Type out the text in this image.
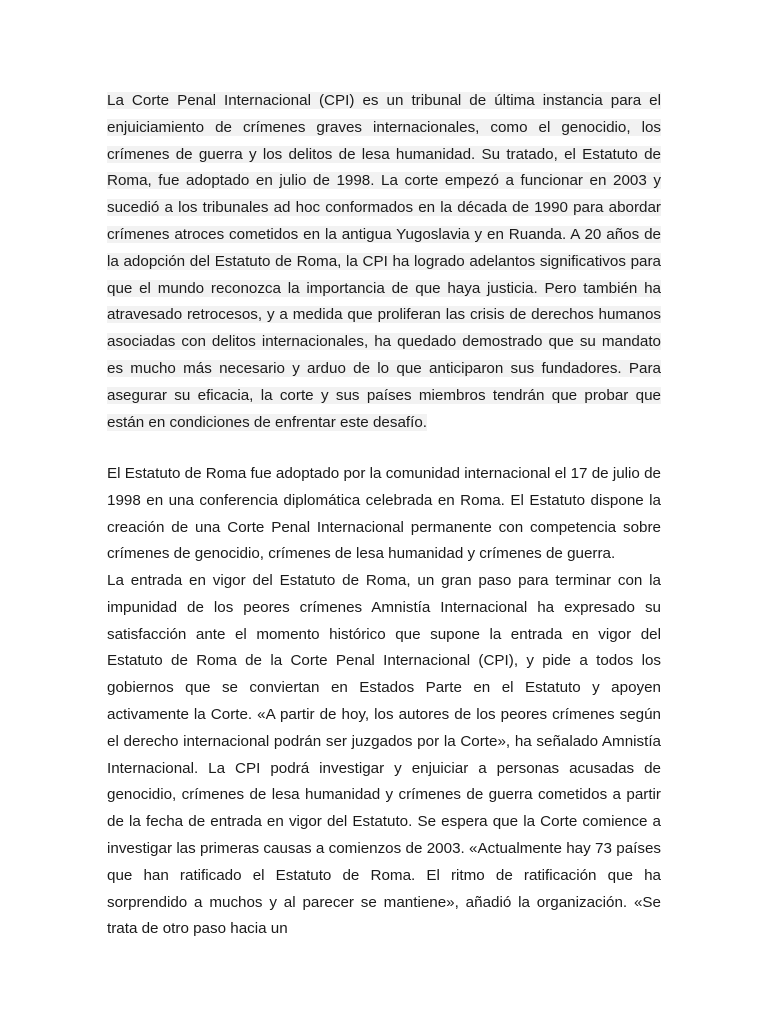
La Corte Penal Internacional (CPI) es un tribunal de última instancia para el enjuiciamiento de crímenes graves internacionales, como el genocidio, los crímenes de guerra y los delitos de lesa humanidad. Su tratado, el Estatuto de Roma, fue adoptado en julio de 1998. La corte empezó a funcionar en 2003 y sucedió a los tribunales ad hoc conformados en la década de 1990 para abordar crímenes atroces cometidos en la antigua Yugoslavia y en Ruanda. A 20 años de la adopción del Estatuto de Roma, la CPI ha logrado adelantos significativos para que el mundo reconozca la importancia de que haya justicia. Pero también ha atravesado retrocesos, y a medida que proliferan las crisis de derechos humanos asociadas con delitos internacionales, ha quedado demostrado que su mandato es mucho más necesario y arduo de lo que anticiparon sus fundadores. Para asegurar su eficacia, la corte y sus países miembros tendrán que probar que están en condiciones de enfrentar este desafío.

El Estatuto de Roma fue adoptado por la comunidad internacional el 17 de julio de 1998 en una conferencia diplomática celebrada en Roma. El Estatuto dispone la creación de una Corte Penal Internacional permanente con competencia sobre crímenes de genocidio, crímenes de lesa humanidad y crímenes de guerra.

La entrada en vigor del Estatuto de Roma, un gran paso para terminar con la impunidad de los peores crímenes Amnistía Internacional ha expresado su satisfacción ante el momento histórico que supone la entrada en vigor del Estatuto de Roma de la Corte Penal Internacional (CPI), y pide a todos los gobiernos que se conviertan en Estados Parte en el Estatuto y apoyen activamente la Corte. «A partir de hoy, los autores de los peores crímenes según el derecho internacional podrán ser juzgados por la Corte», ha señalado Amnistía Internacional. La CPI podrá investigar y enjuiciar a personas acusadas de genocidio, crímenes de lesa humanidad y crímenes de guerra cometidos a partir de la fecha de entrada en vigor del Estatuto. Se espera que la Corte comience a investigar las primeras causas a comienzos de 2003. «Actualmente hay 73 países que han ratificado el Estatuto de Roma. El ritmo de ratificación que ha sorprendido a muchos y al parecer se mantiene», añadió la organización. «Se trata de otro paso hacia un
